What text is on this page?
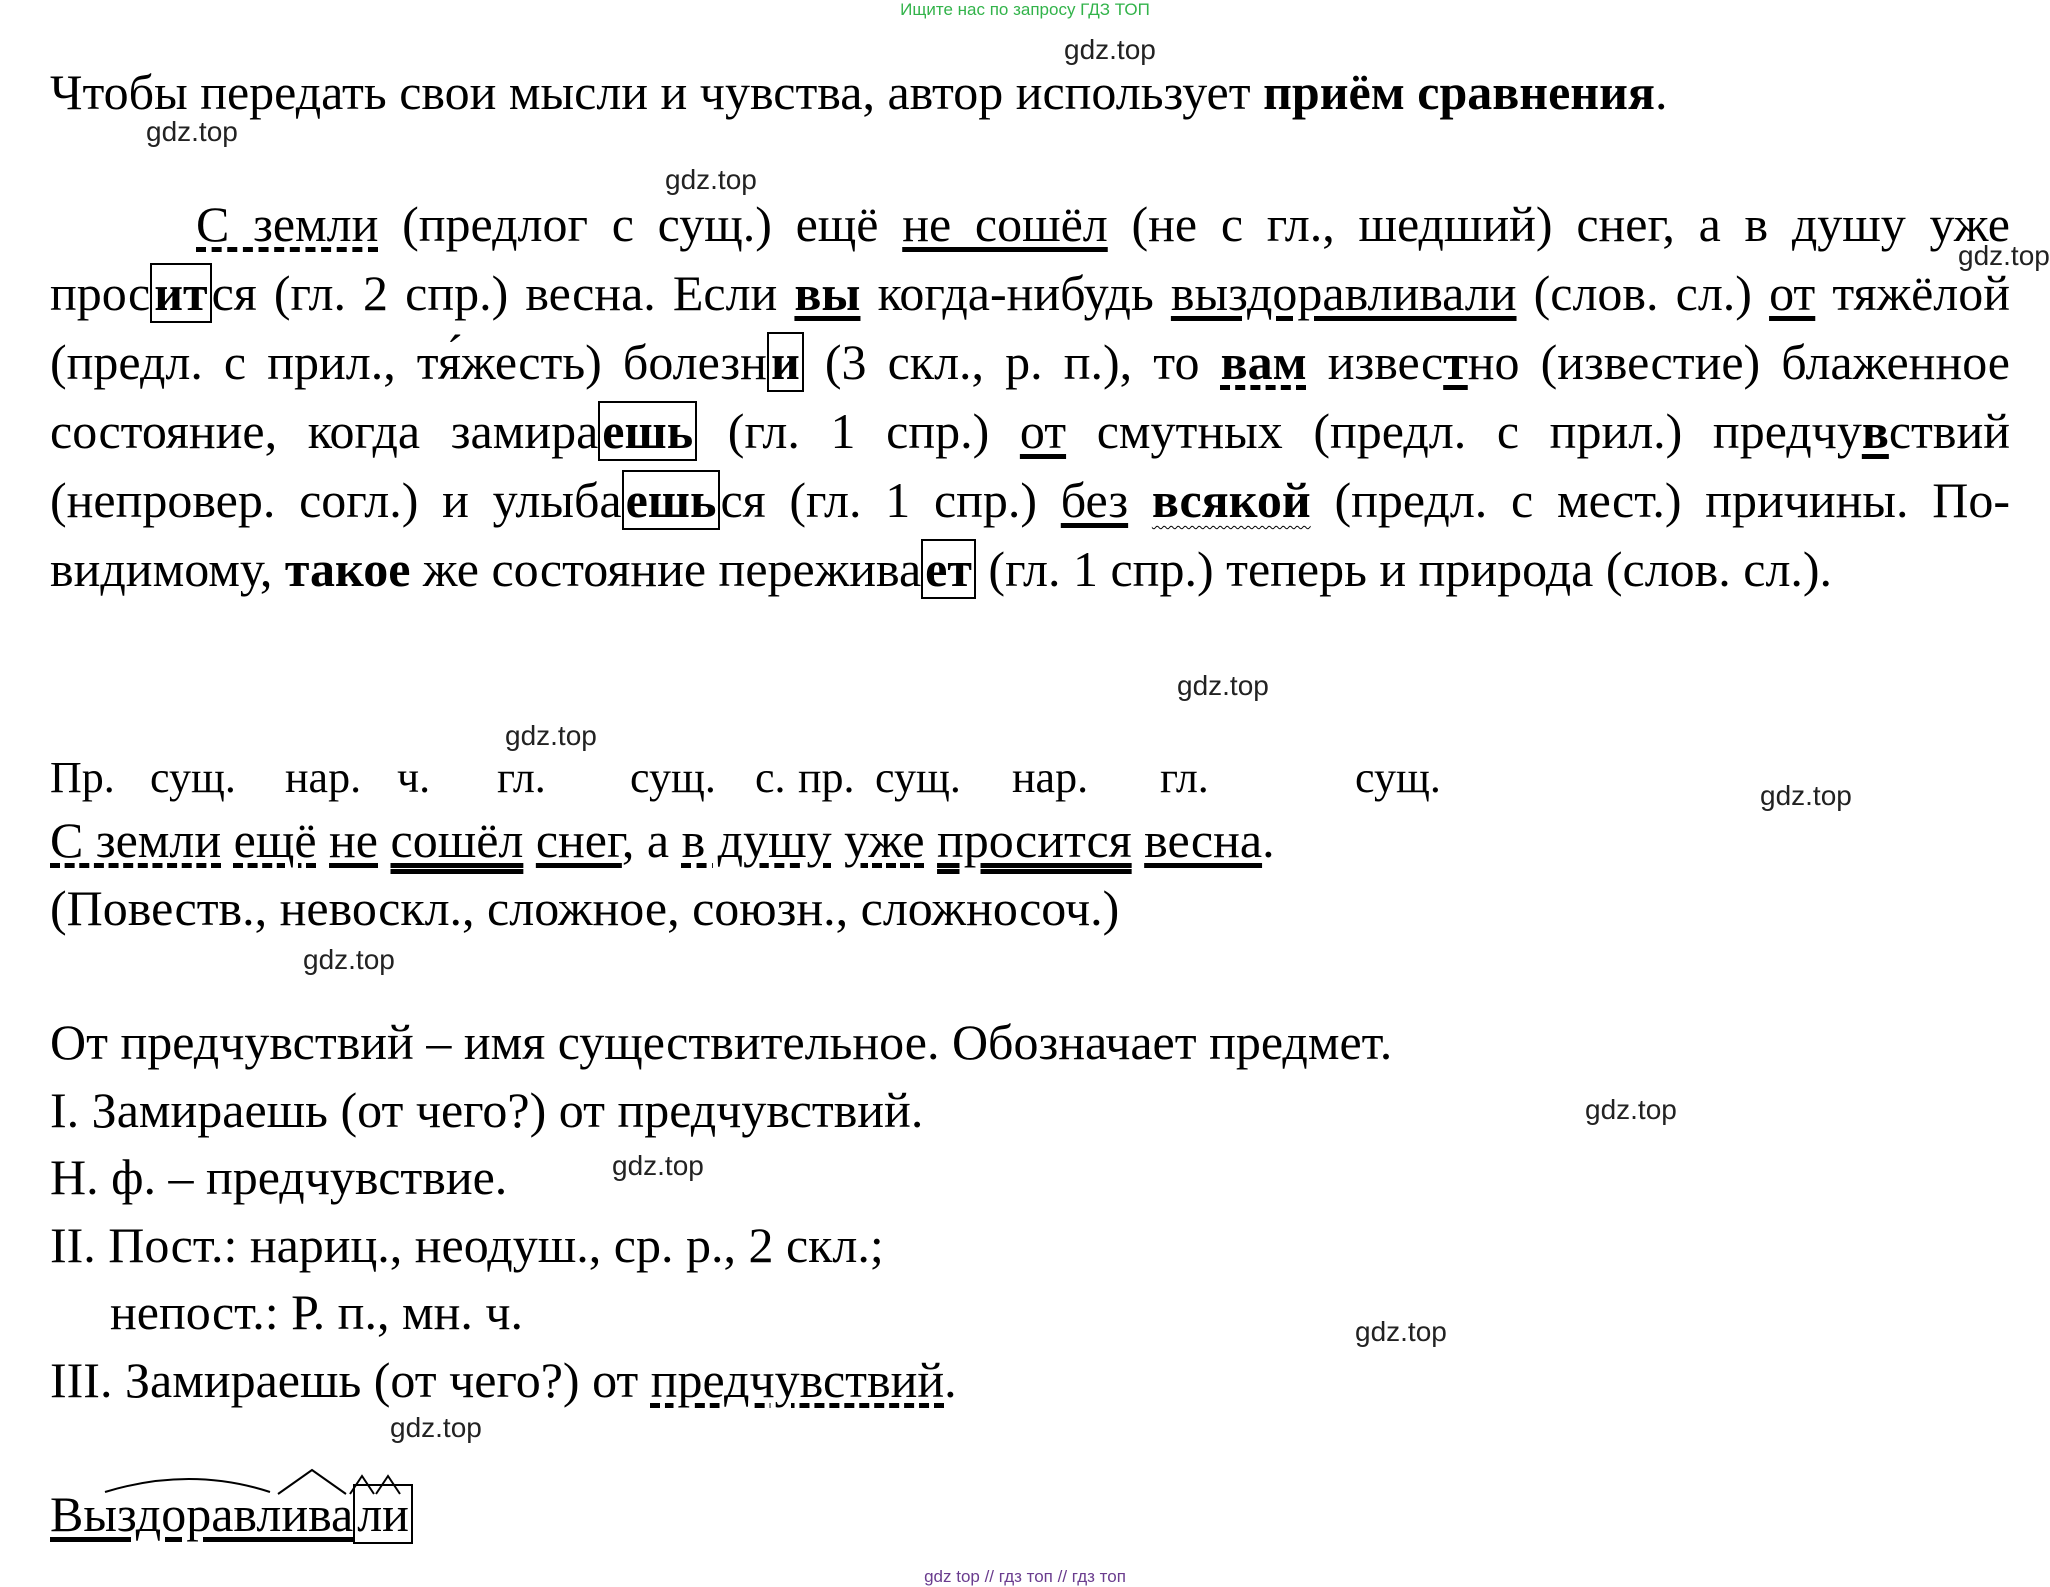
Ищите нас по запросу ГДЗ ТОП
gdz.top
gdz.top
gdz.top
gdz.top
gdz.top
gdz.top
gdz.top
gdz.top
gdz.top
gdz.top
gdz.top
gdz.top
Чтобы передать свои мысли и чувства, автор использует приём сравнения.
С земли (предлог с сущ.) ещё не сошёл (не с гл., шедший) снег, а в душу уже просится (гл. 2 спр.) весна. Если вы когда-нибудь выздоравливали (слов. сл.) от тяжёлой (предл. с прил., тя́жесть) болезни (3 скл., р. п.), то вам известно (известие) блаженное состояние, когда замираешь (гл. 1 спр.) от смутных (предл. с прил.) предчувствий (непровер. согл.) и улыбаешься (гл. 1 спр.) без всякой (предл. с мест.) причины. По-видимому, такое же состояние переживает (гл. 1 спр.) теперь и природа (слов. сл.).
Пр. сущ. нар. ч. гл. сущ. с. пр. сущ. нар. гл.	сущ.
С земли ещё не сошёл снег, а в душу уже просится весна.
(Повеств., невоскл., сложное, союзн., сложносоч.)
От предчувствий – имя существительное. Обозначает предмет.
I. Замираешь (от чего?) от предчувствий.
Н. ф. – предчувствие.
II. Пост.: нариц., неодуш., ср. р., 2 скл.;
непост.: Р. п., мн. ч.
III. Замираешь (от чего?) от предчувствий.
Выздоравливали
gdz top // гдз топ // гдз топ
